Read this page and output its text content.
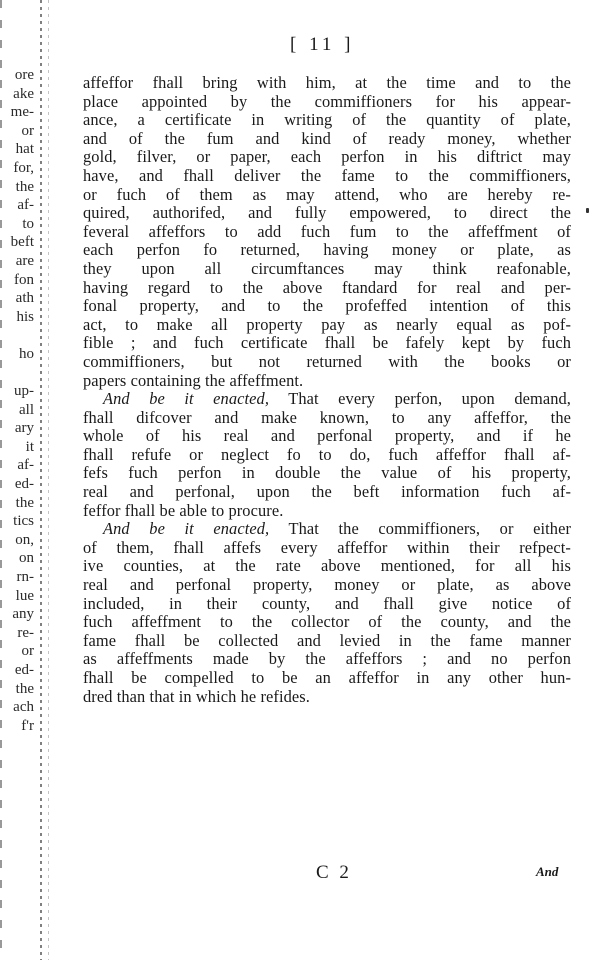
ore
ake
me-
or
hat
for,
the
af-
to
beft
are
fon
ath
his
ho
up-
all
ary
it
af-
ed-
the
tics
on,
on
rn-
lue
any
re-
or
ed-
the
ach
f'r
[ 11 ]
affeffor fhall bring with him, at the time and to the
place appointed by the commiffioners for his appear-
ance, a certificate in writing of the quantity of plate,
and of the fum and kind of ready money, whether
gold, filver, or paper, each perfon in his diftrict may
have, and fhall deliver the fame to the commiffioners,
or fuch of them as may attend, who are hereby re-
quired, authorifed, and fully empowered, to direct the
feveral affeffors to add fuch fum to the affeffment of
each perfon fo returned, having money or plate, as
they upon all circumftances may think reafonable,
having regard to the above ftandard for real and per-
fonal property, and to the profeffed intention of this
act, to make all property pay as nearly equal as pof-
fible ; and fuch certificate fhall be fafely kept by fuch
commiffioners, but not returned with the books or
papers containing the affeffment.
And be it enacted, That every perfon, upon demand,
fhall difcover and make known, to any affeffor, the
whole of his real and perfonal property, and if he
fhall refufe or neglect fo to do, fuch affeffor fhall af-
fefs fuch perfon in double the value of his property,
real and perfonal, upon the beft information fuch af-
feffor fhall be able to procure.
And be it enacted, That the commiffioners, or either
of them, fhall affefs every affeffor within their refpect-
ive counties, at the rate above mentioned, for all his
real and perfonal property, money or plate, as above
included, in their county, and fhall give notice of
fuch affeffment to the collector of the county, and the
fame fhall be collected and levied in the fame manner
as affeffments made by the affeffors ; and no perfon
fhall be compelled to be an affeffor in any other hun-
dred than that in which he refides.
C 2	And
